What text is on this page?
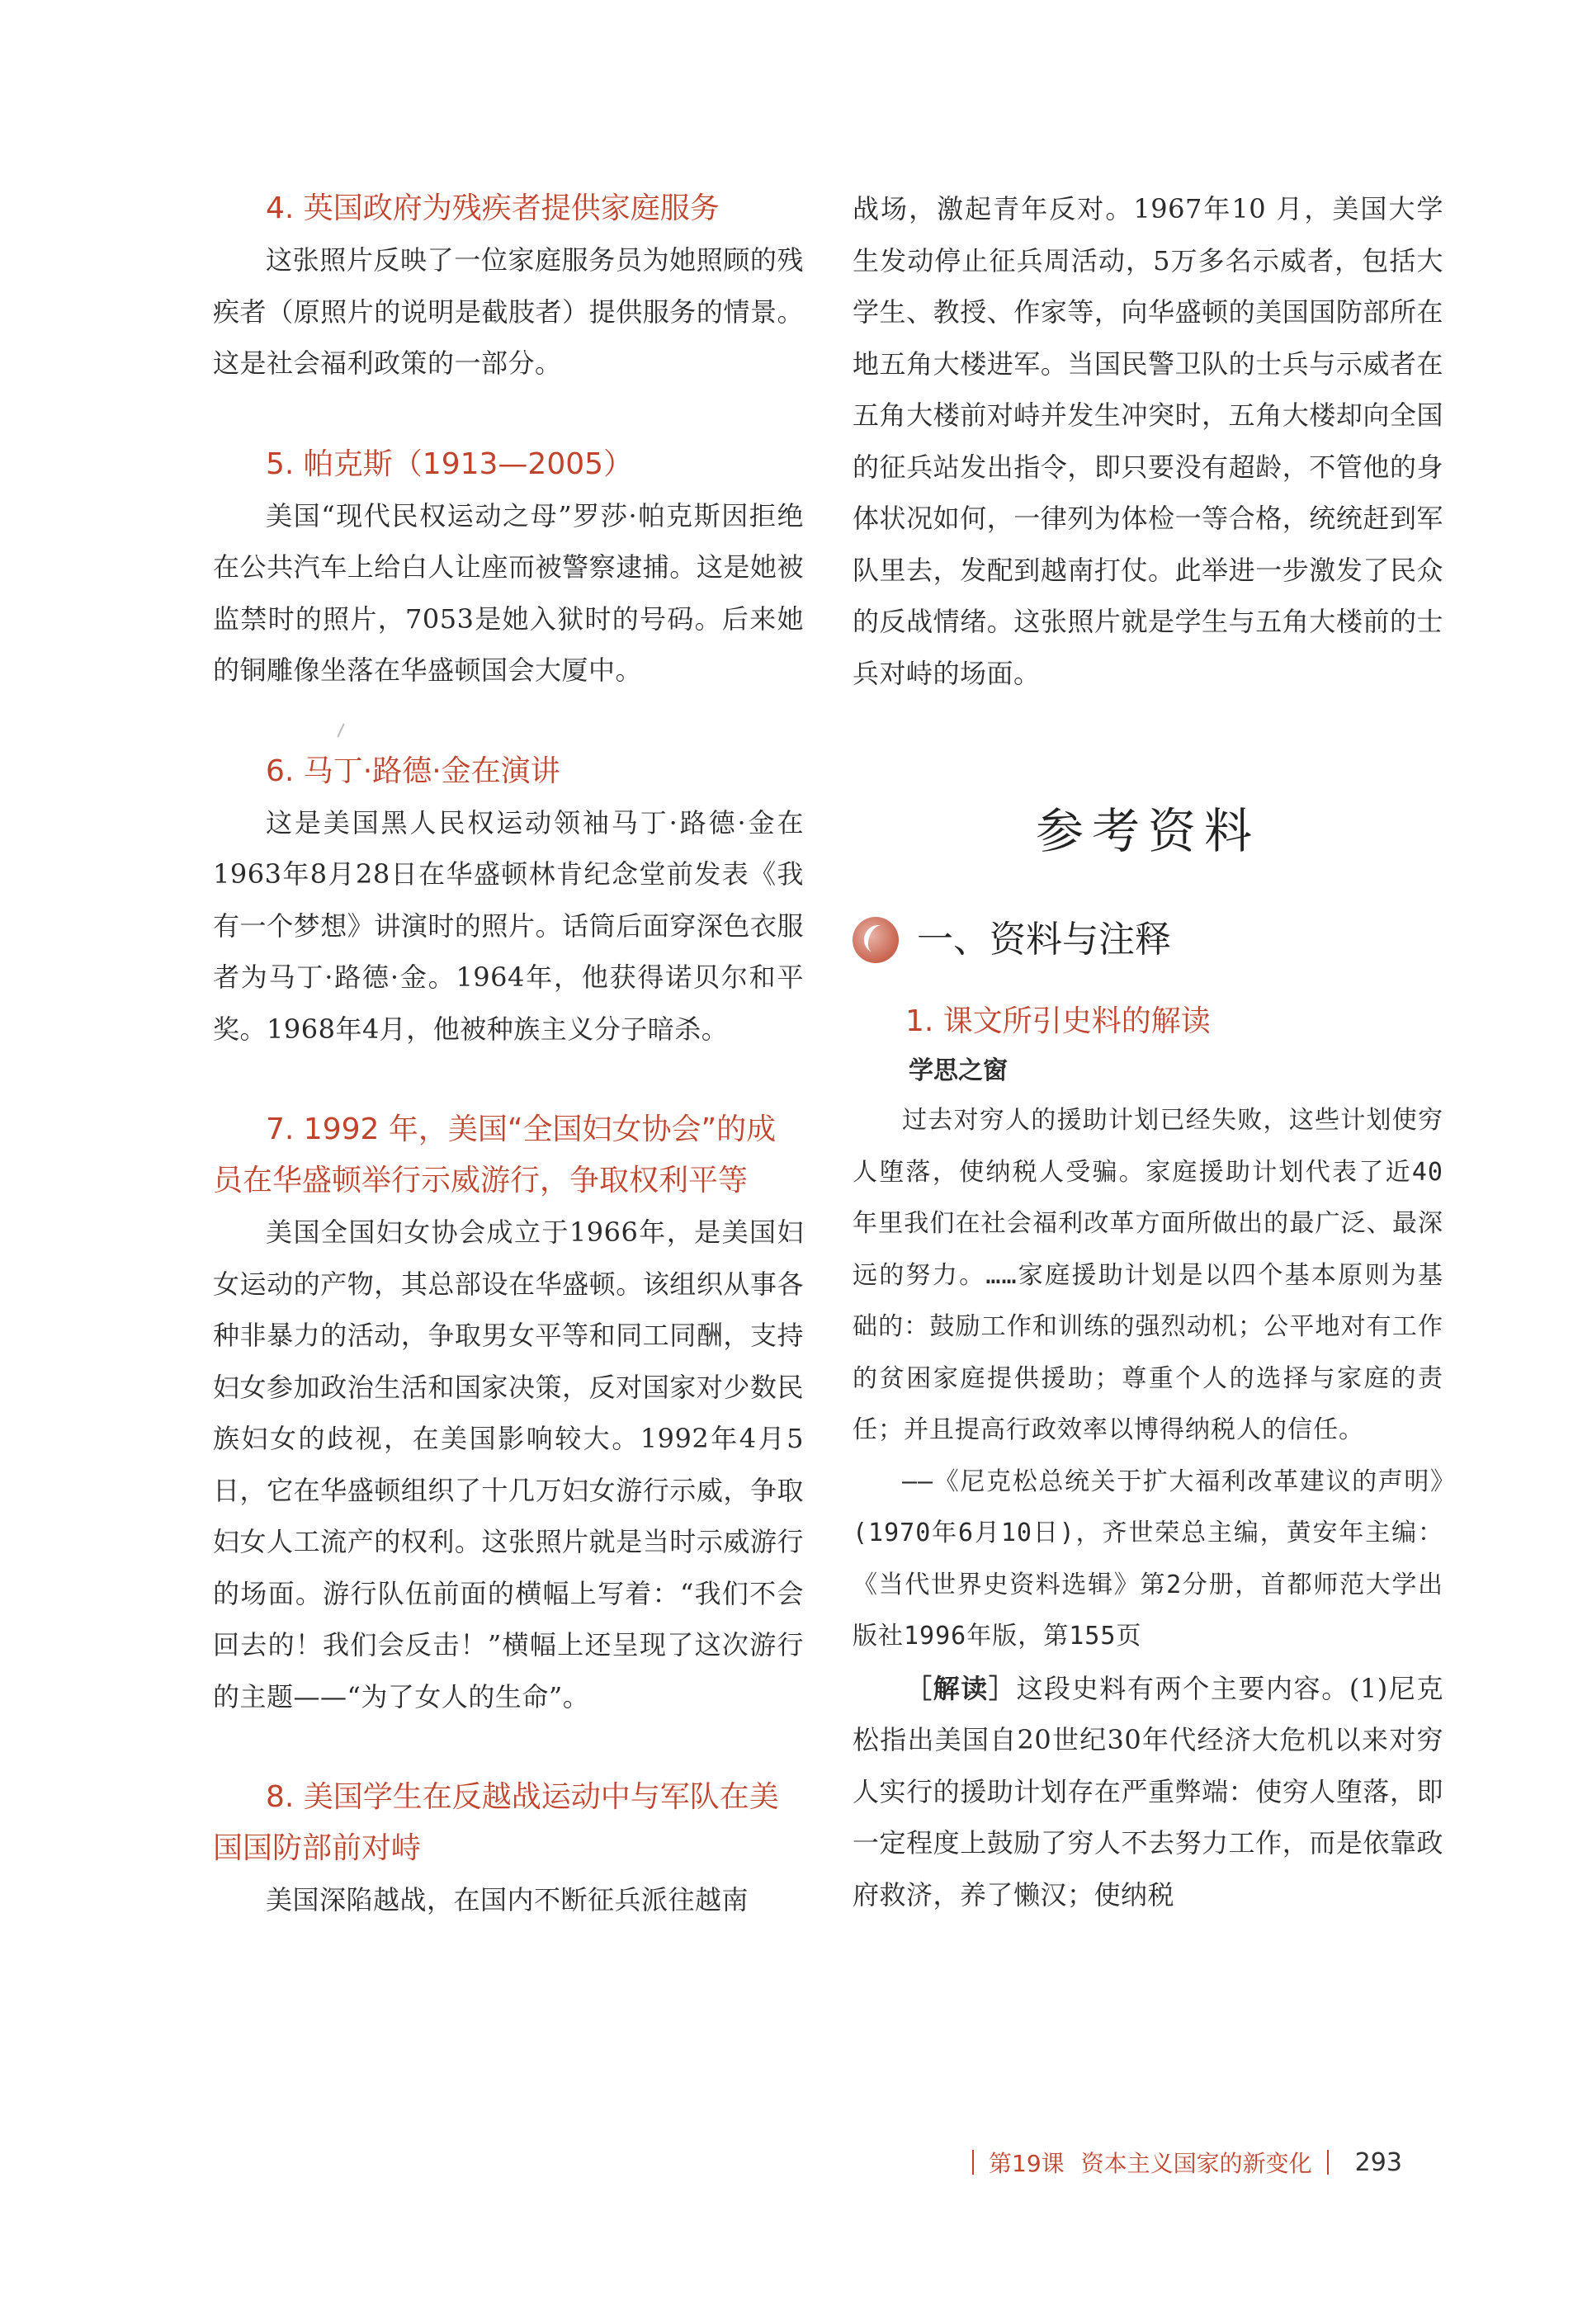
4. 英国政府为残疾者提供家庭服务

这张照片反映了一位家庭服务员为她照顾的残疾者（原照片的说明是截肢者）提供服务的情景。这是社会福利政策的一部分。

5. 帕克斯（1913—2005）

美国“现代民权运动之母”罗莎·帕克斯因拒绝在公共汽车上给白人让座而被警察逮捕。这是她被监禁时的照片，7053是她入狱时的号码。后来她的铜雕像坐落在华盛顿国会大厦中。

6. 马丁·路德·金在演讲

这是美国黑人民权运动领袖马丁·路德·金在1963年8月28日在华盛顿林肯纪念堂前发表《我有一个梦想》讲演时的照片。话筒后面穿深色衣服者为马丁·路德·金。1964年，他获得诺贝尔和平奖。1968年4月，他被种族主义分子暗杀。

7. 1992 年，美国“全国妇女协会”的成员在华盛顿举行示威游行，争取权利平等

美国全国妇女协会成立于1966年，是美国妇女运动的产物，其总部设在华盛顿。该组织从事各种非暴力的活动，争取男女平等和同工同酬，支持妇女参加政治生活和国家决策，反对国家对少数民族妇女的歧视，在美国影响较大。1992年4月5日，它在华盛顿组织了十几万妇女游行示威，争取妇女人工流产的权利。这张照片就是当时示威游行的场面。游行队伍前面的横幅上写着：“我们不会回去的！我们会反击！”横幅上还呈现了这次游行的主题——“为了女人的生命”。

8. 美国学生在反越战运动中与军队在美国国防部前对峙

美国深陷越战，在国内不断征兵派往越南

战场，激起青年反对。1967年10 月，美国大学生发动停止征兵周活动，5万多名示威者，包括大学生、教授、作家等，向华盛顿的美国国防部所在地五角大楼进军。当国民警卫队的士兵与示威者在五角大楼前对峙并发生冲突时，五角大楼却向全国的征兵站发出指令，即只要没有超龄，不管他的身体状况如何，一律列为体检一等合格，统统赶到军队里去，发配到越南打仗。此举进一步激发了民众的反战情绪。这张照片就是学生与五角大楼前的士兵对峙的场面。

参考资料
一、资料与注释
1. 课文所引史料的解读

学思之窗

过去对穷人的援助计划已经失败，这些计划使穷人堕落，使纳税人受骗。家庭援助计划代表了近40年里我们在社会福利改革方面所做出的最广泛、最深远的努力。……家庭援助计划是以四个基本原则为基础的：鼓励工作和训练的强烈动机；公平地对有工作的贫困家庭提供援助；尊重个人的选择与家庭的责任；并且提高行政效率以博得纳税人的信任。

——《尼克松总统关于扩大福利改革建议的声明》(1970年6月10日)，齐世荣总主编，黄安年主编：《当代世界史资料选辑》第2分册，首都师范大学出版社1996年版，第155页

［解读］这段史料有两个主要内容。(1)尼克松指出美国自20世纪30年代经济大危机以来对穷人实行的援助计划存在严重弊端：使穷人堕落，即一定程度上鼓励了穷人不去努力工作，而是依靠政府救济，养了懒汉；使纳税

第19课 资本主义国家的新变化 293
